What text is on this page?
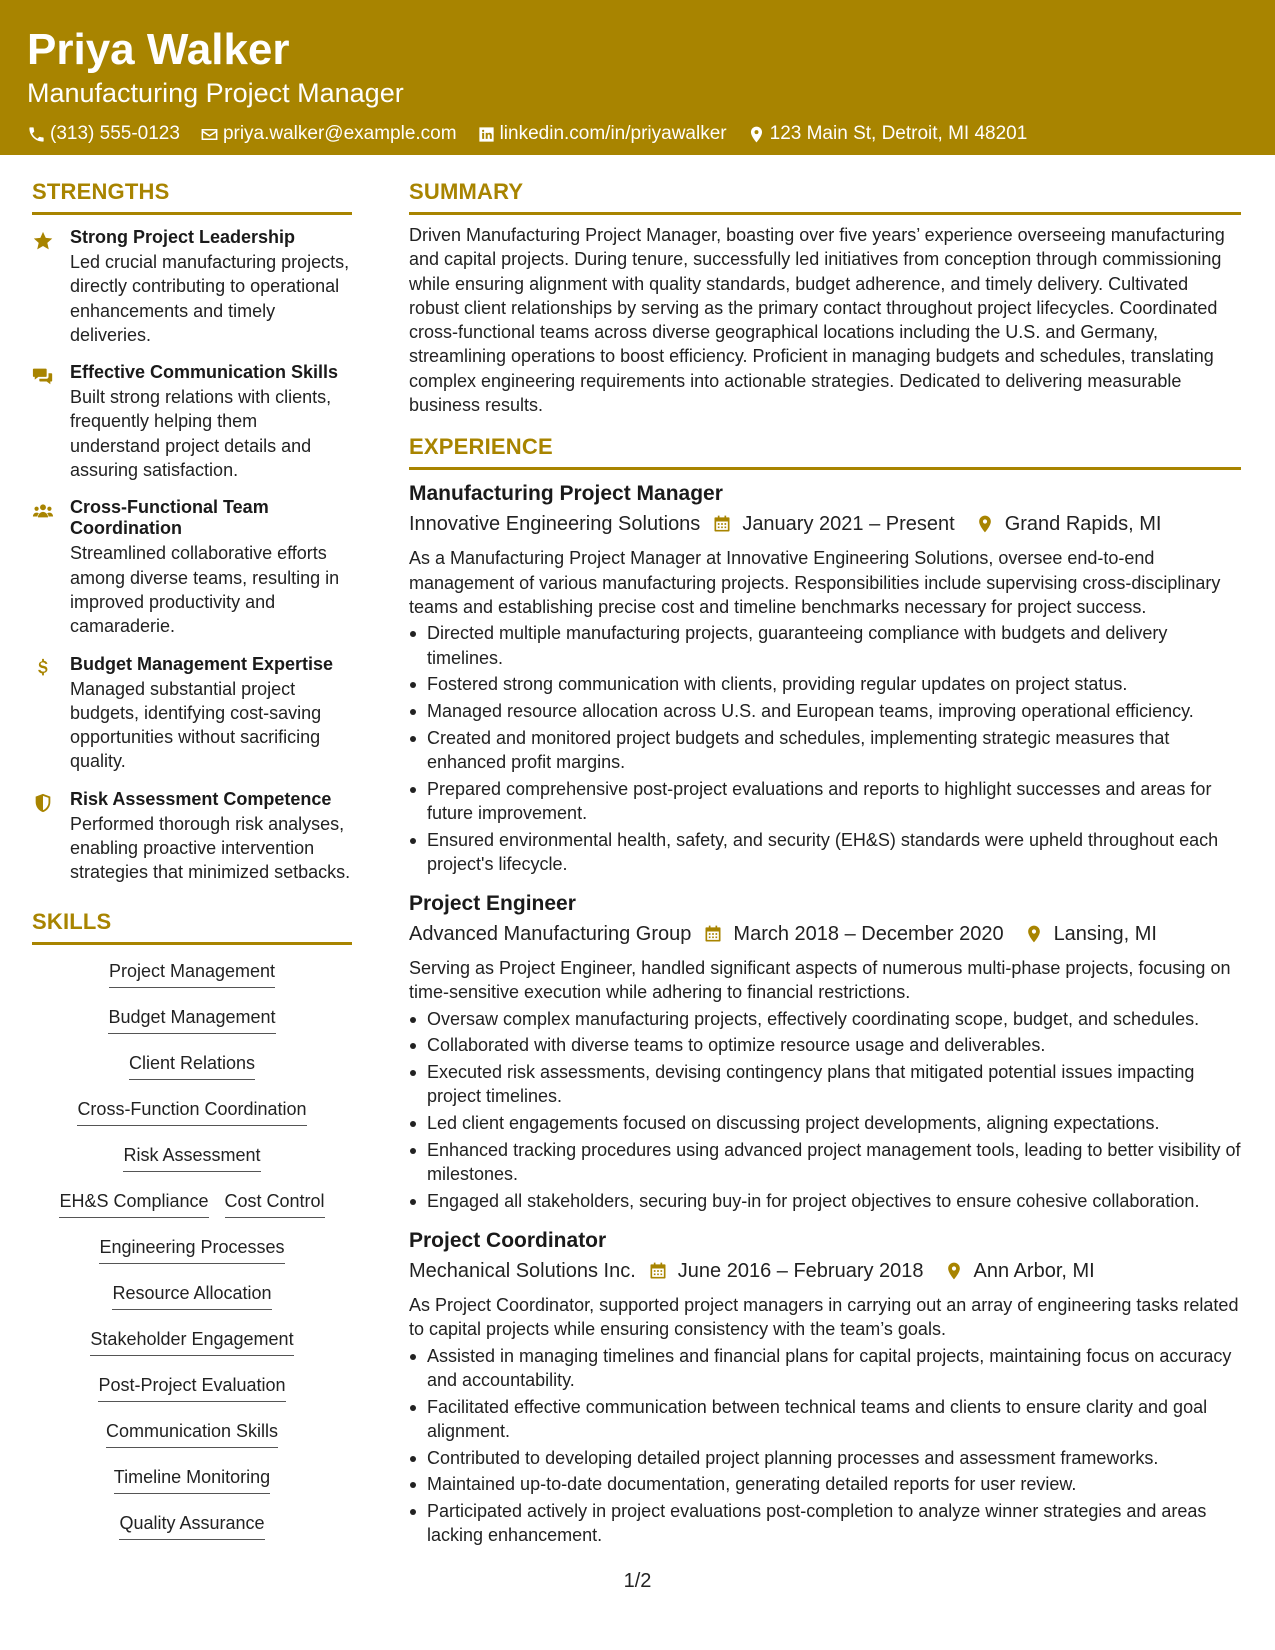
Priya Walker
Manufacturing Project Manager
(313) 555-0123 priya.walker@example.com linkedin.com/in/priyawalker 123 Main St, Detroit, MI 48201
STRENGTHS
Strong Project Leadership
Led crucial manufacturing projects, directly contributing to operational enhancements and timely deliveries.
Effective Communication Skills
Built strong relations with clients, frequently helping them understand project details and assuring satisfaction.
Cross-Functional Team Coordination
Streamlined collaborative efforts among diverse teams, resulting in improved productivity and camaraderie.
Budget Management Expertise
Managed substantial project budgets, identifying cost-saving opportunities without sacrificing quality.
Risk Assessment Competence
Performed thorough risk analyses, enabling proactive intervention strategies that minimized setbacks.
SKILLS
Project Management
Budget Management
Client Relations
Cross-Function Coordination
Risk Assessment
EH&S Compliance Cost Control
Engineering Processes
Resource Allocation
Stakeholder Engagement
Post-Project Evaluation
Communication Skills
Timeline Monitoring
Quality Assurance
SUMMARY
Driven Manufacturing Project Manager, boasting over five years’ experience overseeing manufacturing and capital projects. During tenure, successfully led initiatives from conception through commissioning while ensuring alignment with quality standards, budget adherence, and timely delivery. Cultivated robust client relationships by serving as the primary contact throughout project lifecycles. Coordinated cross-functional teams across diverse geographical locations including the U.S. and Germany, streamlining operations to boost efficiency. Proficient in managing budgets and schedules, translating complex engineering requirements into actionable strategies. Dedicated to delivering measurable business results.
EXPERIENCE
Manufacturing Project Manager
Innovative Engineering Solutions January 2021 – Present	Grand Rapids, MI
As a Manufacturing Project Manager at Innovative Engineering Solutions, oversee end-to-end management of various manufacturing projects. Responsibilities include supervising cross-disciplinary teams and establishing precise cost and timeline benchmarks necessary for project success.
Directed multiple manufacturing projects, guaranteeing compliance with budgets and delivery timelines.
Fostered strong communication with clients, providing regular updates on project status.
Managed resource allocation across U.S. and European teams, improving operational efficiency.
Created and monitored project budgets and schedules, implementing strategic measures that enhanced profit margins.
Prepared comprehensive post-project evaluations and reports to highlight successes and areas for future improvement.
Ensured environmental health, safety, and security (EH&S) standards were upheld throughout each project's lifecycle.
Project Engineer
Advanced Manufacturing Group March 2018 – December 2020	Lansing, MI
Serving as Project Engineer, handled significant aspects of numerous multi-phase projects, focusing on time-sensitive execution while adhering to financial restrictions.
Oversaw complex manufacturing projects, effectively coordinating scope, budget, and schedules.
Collaborated with diverse teams to optimize resource usage and deliverables.
Executed risk assessments, devising contingency plans that mitigated potential issues impacting project timelines.
Led client engagements focused on discussing project developments, aligning expectations.
Enhanced tracking procedures using advanced project management tools, leading to better visibility of milestones.
Engaged all stakeholders, securing buy-in for project objectives to ensure cohesive collaboration.
Project Coordinator
Mechanical Solutions Inc. June 2016 – February 2018	Ann Arbor, MI
As Project Coordinator, supported project managers in carrying out an array of engineering tasks related to capital projects while ensuring consistency with the team’s goals.
Assisted in managing timelines and financial plans for capital projects, maintaining focus on accuracy and accountability.
Facilitated effective communication between technical teams and clients to ensure clarity and goal alignment.
Contributed to developing detailed project planning processes and assessment frameworks.
Maintained up-to-date documentation, generating detailed reports for user review.
Participated actively in project evaluations post-completion to analyze winner strategies and areas lacking enhancement.
1/2
